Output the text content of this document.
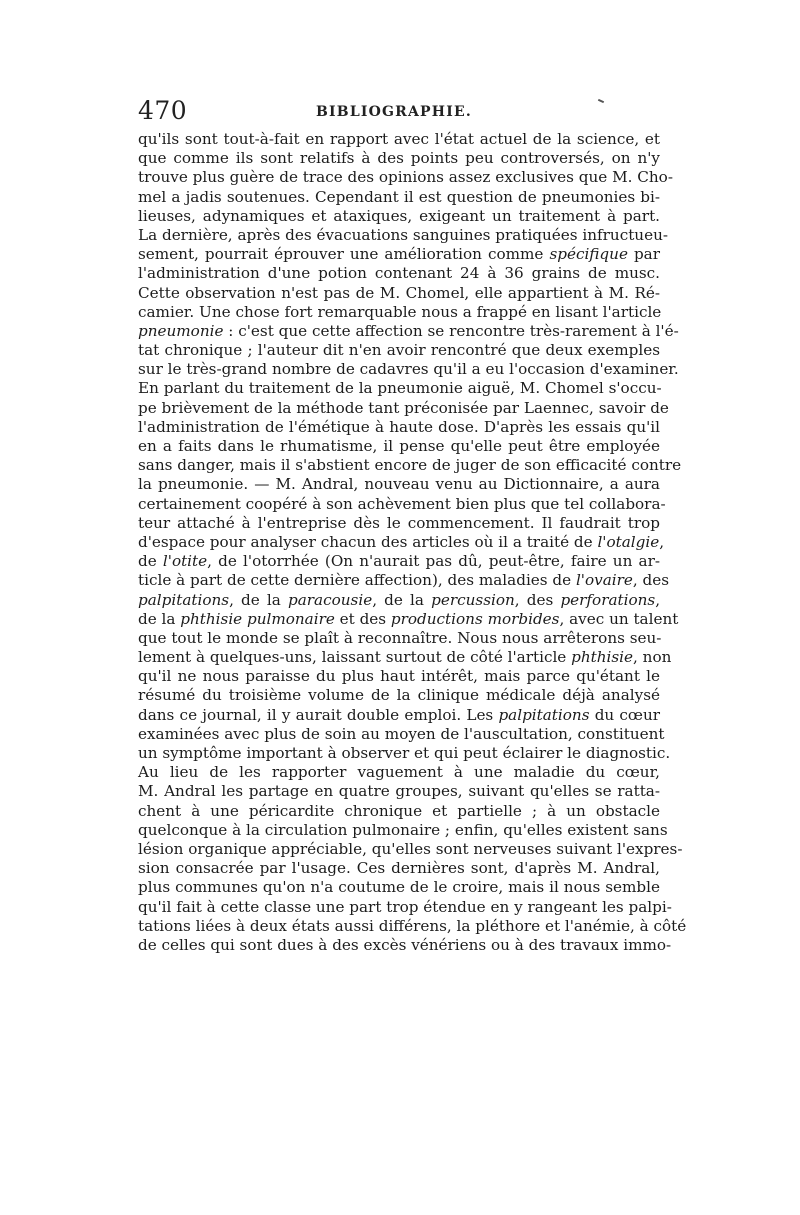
470	BIBLIOGRAPHIE.
qu'ils sont tout-à-fait en rapport avec l'état actuel de la science, et
que comme ils sont relatifs à des points peu controversés, on n'y
trouve plus guère de trace des opinions assez exclusives que M. Cho-
mel a jadis soutenues. Cependant il est question de pneumonies bi-
lieuses, adynamiques et ataxiques, exigeant un traitement à part.
La dernière, après des évacuations sanguines pratiquées infructueu-
sement, pourrait éprouver une amélioration comme spécifique par
l'administration d'une potion contenant 24 à 36 grains de musc.
Cette observation n'est pas de M. Chomel, elle appartient à M. Ré-
camier. Une chose fort remarquable nous a frappé en lisant l'article
pneumonie : c'est que cette affection se rencontre très-rarement à l'é-
tat chronique ; l'auteur dit n'en avoir rencontré que deux exemples
sur le très-grand nombre de cadavres qu'il a eu l'occasion d'examiner.
En parlant du traitement de la pneumonie aiguë, M. Chomel s'occu-
pe brièvement de la méthode tant préconisée par Laennec, savoir de
l'administration de l'émétique à haute dose. D'après les essais qu'il
en a faits dans le rhumatisme, il pense qu'elle peut être employée
sans danger, mais il s'abstient encore de juger de son efficacité contre
la pneumonie. — M. Andral, nouveau venu au Dictionnaire, a aura
certainement coopéré à son achèvement bien plus que tel collabora-
teur attaché à l'entreprise dès le commencement. Il faudrait trop
d'espace pour analyser chacun des articles où il a traité de l'otalgie,
de l'otite, de l'otorrhée (On n'aurait pas dû, peut-être, faire un ar-
ticle à part de cette dernière affection), des maladies de l'ovaire, des
palpitations, de la paracousie, de la percussion, des perforations,
de la phthisie pulmonaire et des productions morbides, avec un talent
que tout le monde se plaît à reconnaître. Nous nous arrêterons seu-
lement à quelques-uns, laissant surtout de côté l'article phthisie, non
qu'il ne nous paraisse du plus haut intérêt, mais parce qu'étant le
résumé du troisième volume de la clinique médicale déjà analysé
dans ce journal, il y aurait double emploi. Les palpitations du cœur
examinées avec plus de soin au moyen de l'auscultation, constituent
un symptôme important à observer et qui peut éclairer le diagnostic.
Au lieu de les rapporter vaguement à une maladie du cœur,
M. Andral les partage en quatre groupes, suivant qu'elles se ratta-
chent à une péricardite chronique et partielle ; à un obstacle
quelconque à la circulation pulmonaire ; enfin, qu'elles existent sans
lésion organique appréciable, qu'elles sont nerveuses suivant l'expres-
sion consacrée par l'usage. Ces dernières sont, d'après M. Andral,
plus communes qu'on n'a coutume de le croire, mais il nous semble
qu'il fait à cette classe une part trop étendue en y rangeant les palpi-
tations liées à deux états aussi différens, la pléthore et l'anémie, à côté
de celles qui sont dues à des excès vénériens ou à des travaux immo-
